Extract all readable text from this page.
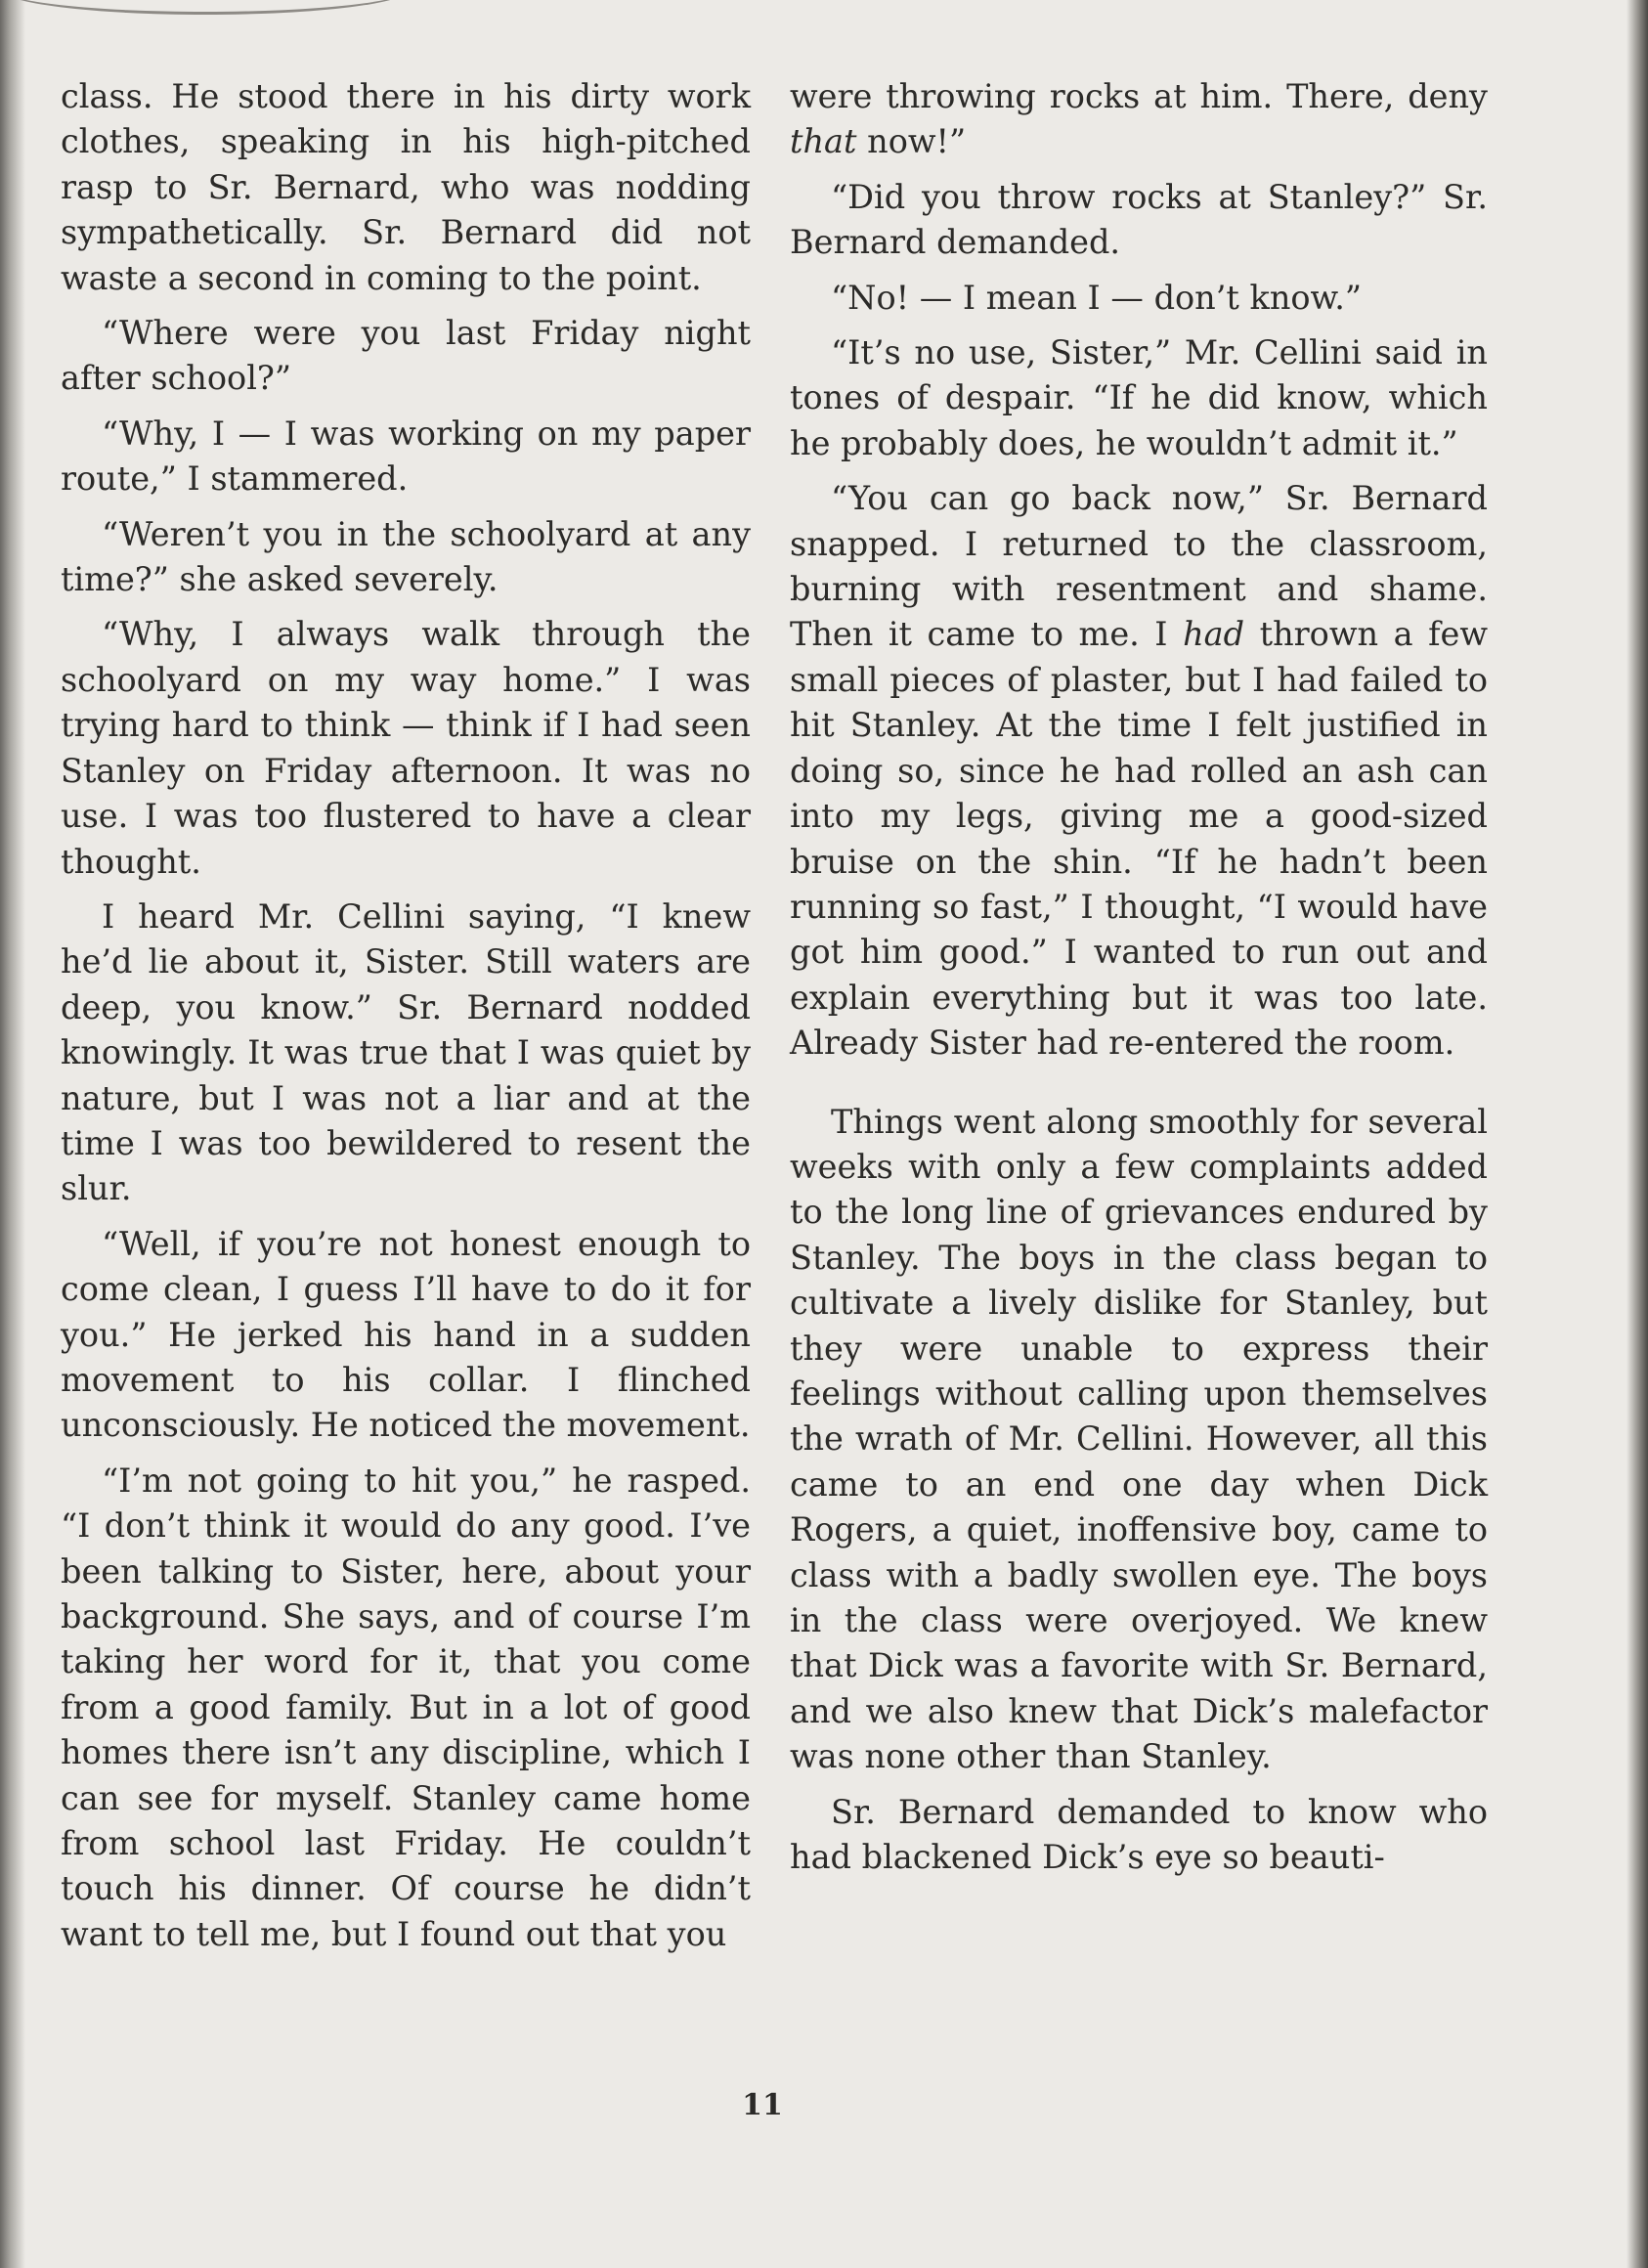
class. He stood there in his dirty work clothes, speaking in his high-pitched rasp to Sr. Bernard, who was nodding sympathetically. Sr. Bernard did not waste a second in coming to the point.

“Where were you last Friday night after school?”

“Why, I — I was working on my paper route,” I stammered.

“Weren’t you in the schoolyard at any time?” she asked severely.

“Why, I always walk through the schoolyard on my way home.” I was trying hard to think — think if I had seen Stanley on Friday afternoon. It was no use. I was too flustered to have a clear thought.

I heard Mr. Cellini saying, “I knew he’d lie about it, Sister. Still waters are deep, you know.” Sr. Bernard nodded knowingly. It was true that I was quiet by nature, but I was not a liar and at the time I was too bewildered to resent the slur.

“Well, if you’re not honest enough to come clean, I guess I’ll have to do it for you.” He jerked his hand in a sudden movement to his collar. I flinched unconsciously. He noticed the movement.

“I’m not going to hit you,” he rasped. “I don’t think it would do any good. I’ve been talking to Sister, here, about your background. She says, and of course I’m taking her word for it, that you come from a good family. But in a lot of good homes there isn’t any discipline, which I can see for myself. Stanley came home from school last Friday. He couldn’t touch his dinner. Of course he didn’t want to tell me, but I found out that you

were throwing rocks at him. There, deny that now!”

“Did you throw rocks at Stanley?” Sr. Bernard demanded.

“No! — I mean I — don’t know.”

“It’s no use, Sister,” Mr. Cellini said in tones of despair. “If he did know, which he probably does, he wouldn’t admit it.”

“You can go back now,” Sr. Bernard snapped. I returned to the classroom, burning with resentment and shame. Then it came to me. I had thrown a few small pieces of plaster, but I had failed to hit Stanley. At the time I felt justified in doing so, since he had rolled an ash can into my legs, giving me a good-sized bruise on the shin. “If he hadn’t been running so fast,” I thought, “I would have got him good.” I wanted to run out and explain everything but it was too late. Already Sister had re-entered the room.

Things went along smoothly for several weeks with only a few complaints added to the long line of grievances endured by Stanley. The boys in the class began to cultivate a lively dislike for Stanley, but they were unable to express their feelings without calling upon themselves the wrath of Mr. Cellini. However, all this came to an end one day when Dick Rogers, a quiet, inoffensive boy, came to class with a badly swollen eye. The boys in the class were overjoyed. We knew that Dick was a favorite with Sr. Bernard, and we also knew that Dick’s malefactor was none other than Stanley.

Sr. Bernard demanded to know who had blackened Dick’s eye so beauti-

11
